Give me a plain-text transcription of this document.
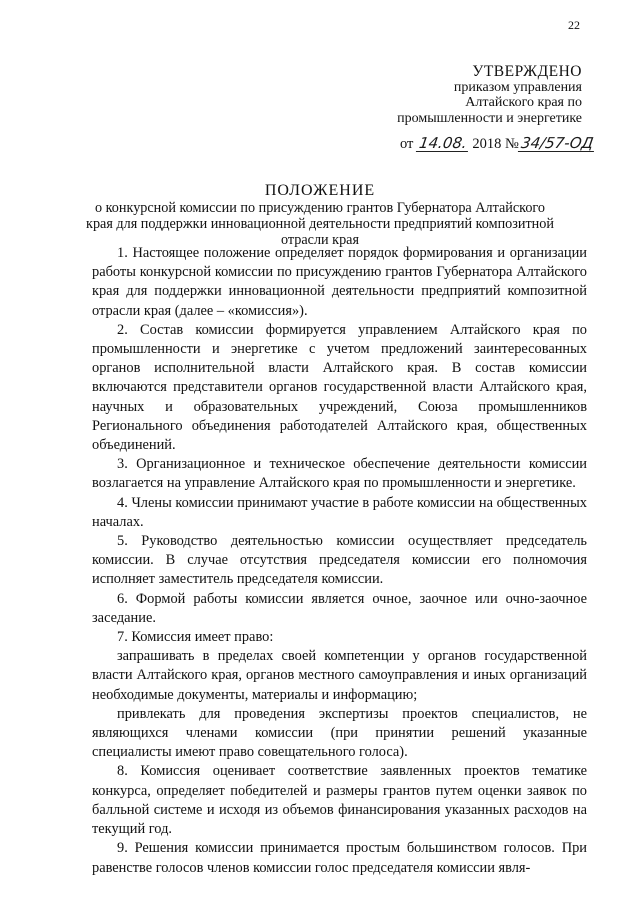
22
УТВЕРЖДЕНО
приказом управления
Алтайского края по
промышленности и энергетике
от 14.08. 2018 №34/57-ОД
ПОЛОЖЕНИЕ
о конкурсной комиссии по присуждению грантов Губернатора Алтайского края для поддержки инновационной деятельности предприятий композитной отрасли края

1. Настоящее положение определяет порядок формирования и организации работы конкурсной комиссии по присуждению грантов Губернатора Алтайского края для поддержки инновационной деятельности предприятий композитной отрасли края (далее – «комиссия»).

2. Состав комиссии формируется управлением Алтайского края по промышленности и энергетике с учетом предложений заинтересованных органов исполнительной власти Алтайского края. В состав комиссии включаются представители органов государственной власти Алтайского края, научных и образовательных учреждений, Союза промышленников Регионального объединения работодателей Алтайского края, общественных объединений.

3. Организационное и техническое обеспечение деятельности комиссии возлагается на управление Алтайского края по промышленности и энергетике.

4. Члены комиссии принимают участие в работе комиссии на общественных началах.

5. Руководство деятельностью комиссии осуществляет председатель комиссии. В случае отсутствия председателя комиссии его полномочия исполняет заместитель председателя комиссии.

6. Формой работы комиссии является очное, заочное или очно-заочное заседание.

7. Комиссия имеет право:

запрашивать в пределах своей компетенции у органов государственной власти Алтайского края, органов местного самоуправления и иных организаций необходимые документы, материалы и информацию;

привлекать для проведения экспертизы проектов специалистов, не являющихся членами комиссии (при принятии решений указанные специалисты имеют право совещательного голоса).

8. Комиссия оценивает соответствие заявленных проектов тематике конкурса, определяет победителей и размеры грантов путем оценки заявок по балльной системе и исходя из объемов финансирования указанных расходов на текущий год.

9. Решения комиссии принимается простым большинством голосов. При равенстве голосов членов комиссии голос председателя комиссии явля-
